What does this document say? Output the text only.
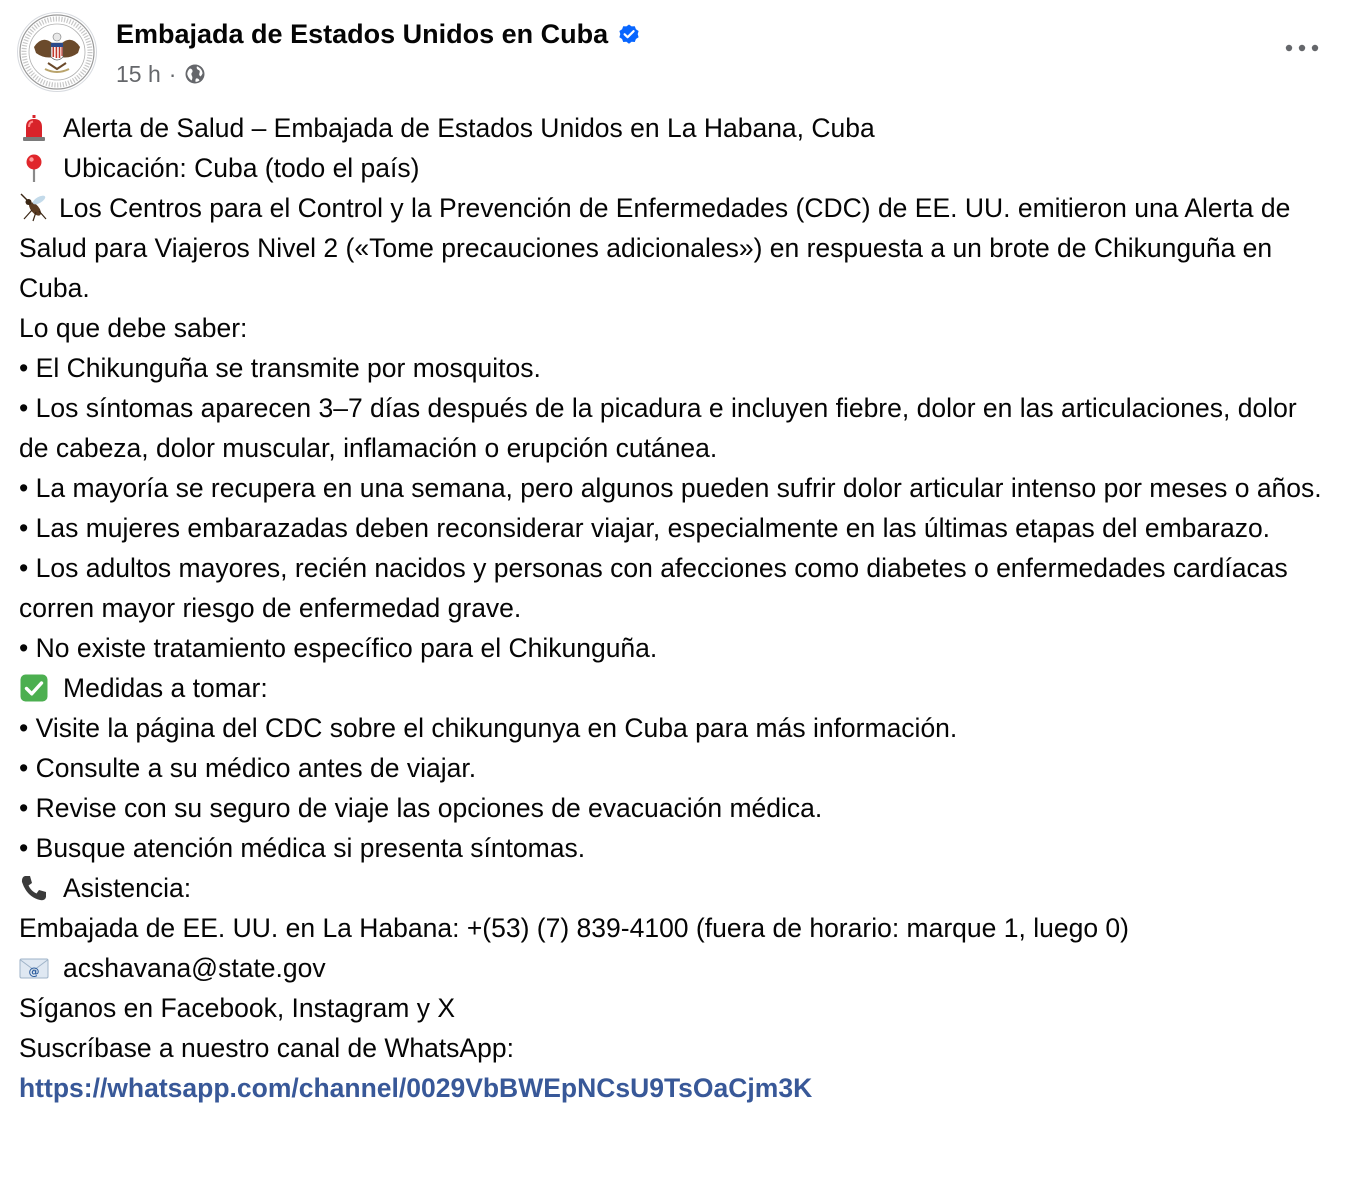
Embajada de Estados Unidos en Cuba
15 h ·
Alerta de Salud – Embajada de Estados Unidos en La Habana, Cuba
Ubicación: Cuba (todo el país)
Los Centros para el Control y la Prevención de Enfermedades (CDC) de EE. UU. emitieron una Alerta de Salud para Viajeros Nivel 2 («Tome precauciones adicionales») en respuesta a un brote de Chikunguña en Cuba.
Lo que debe saber:
• El Chikunguña se transmite por mosquitos.
• Los síntomas aparecen 3–7 días después de la picadura e incluyen fiebre, dolor en las articulaciones, dolor de cabeza, dolor muscular, inflamación o erupción cutánea.
• La mayoría se recupera en una semana, pero algunos pueden sufrir dolor articular intenso por meses o años.
• Las mujeres embarazadas deben reconsiderar viajar, especialmente en las últimas etapas del embarazo.
• Los adultos mayores, recién nacidos y personas con afecciones como diabetes o enfermedades cardíacas corren mayor riesgo de enfermedad grave.
• No existe tratamiento específico para el Chikunguña.
Medidas a tomar:
• Visite la página del CDC sobre el chikungunya en Cuba para más información.
• Consulte a su médico antes de viajar.
• Revise con su seguro de viaje las opciones de evacuación médica.
• Busque atención médica si presenta síntomas.
Asistencia:
Embajada de EE. UU. en La Habana: +(53) (7) 839-4100 (fuera de horario: marque 1, luego 0)
@ acshavana@state.gov
Síganos en Facebook, Instagram y X
Suscríbase a nuestro canal de WhatsApp:
https://whatsapp.com/channel/0029VbBWEpNCsU9TsOaCjm3K
